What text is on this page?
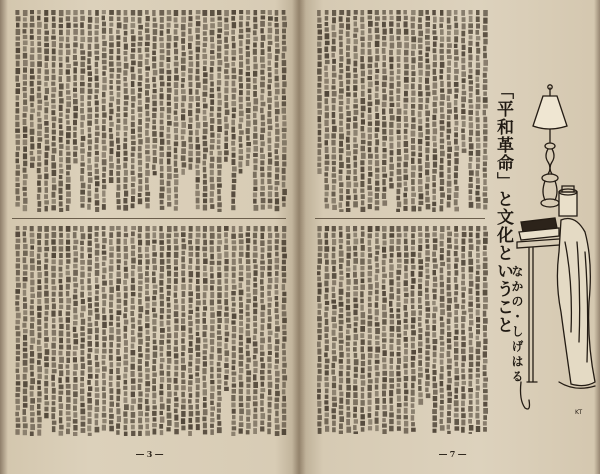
― 3 ―
「平和革命」と文化ということ
なかの・しげはる
KT
― 7 ―
